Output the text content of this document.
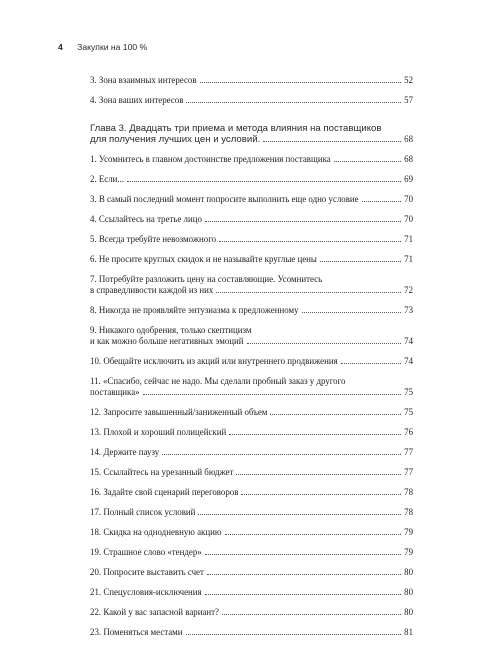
4 Закупки на 100 %
3. Зона взаимных интересов	52
4. Зона ваших интересов	57
Глава 3. Двадцать три приема и метода влияния на поставщиков
для получения лучших цен и условий.	68
1. Усомнитесь в главном достоинстве предложения поставщика	68
2. Если...	69
3. В самый последний момент попросите выполнить еще одно условие	70
4. Ссылайтесь на третье лицо	70
5. Всегда требуйте невозможного	71
6. Не просите круглых скидок и не называйте круглые цены	71
7. Потребуйте разложить цену на составляющие. Усомнитесь
в справедливости каждой из них	72
8. Никогда не проявляйте энтузиазма к предложенному	73
9. Никакого одобрения, только скептицизм
и как можно больше негативных эмоций	74
10. Обещайте исключить из акций или внутреннего продвижения	74
11. «Спасибо, сейчас не надо. Мы сделали пробный заказ у другого
поставщика»	75
12. Запросите завышенный/заниженный объем	75
13. Плохой и хороший полицейский	76
14. Держите паузу	77
15. Ссылайтесь на урезанный бюджет	77
16. Задайте свой сценарий переговоров	78
17. Полный список условий	78
18. Скидка на однодневную акцию	79
19. Страшное слово «тендер»	79
20. Попросите выставить счет	80
21. Спецусловия-исключения	80
22. Какой у вас запасной вариант?	80
23. Поменяться местами	81
